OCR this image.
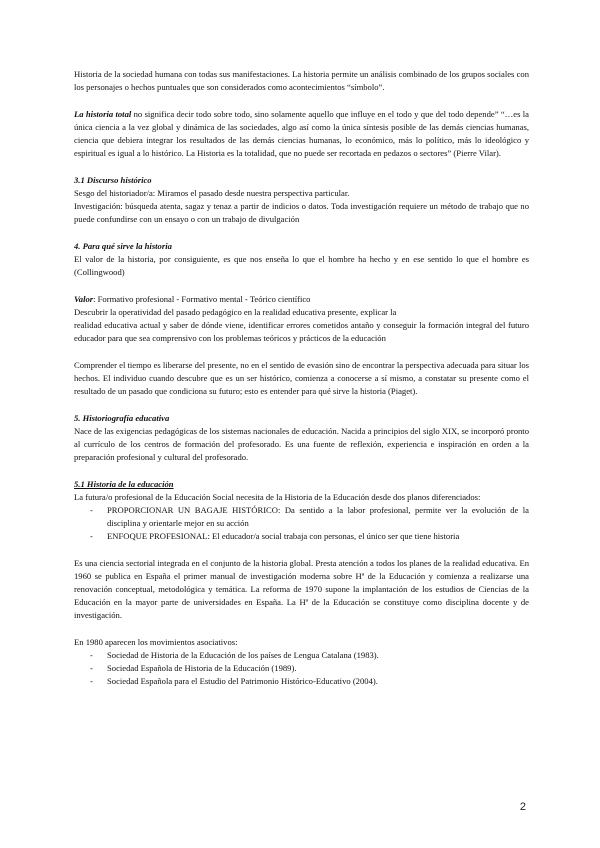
Historia de la sociedad humana con todas sus manifestaciones. La historia permite un análisis combinado de los grupos sociales con los personajes o hechos puntuales que son considerados como acontecimientos “símbolo”.

La historia total no significa decir todo sobre todo, sino solamente aquello que influye en el todo y que del todo depende” “…es la única ciencia a la vez global y dinámica de las sociedades, algo así como la única síntesis posible de las demás ciencias humanas, ciencia que debiera integrar los resultados de las demás ciencias humanas, lo económico, más lo político, más lo ideológico y espiritual es igual a lo histórico. La Historia es la totalidad, que no puede ser recortada en pedazos o sectores” (Pierre Vilar).

3.1 Discurso histórico

Sesgo del historiador/a: Miramos el pasado desde nuestra perspectiva particular.

Investigación: búsqueda atenta, sagaz y tenaz a partir de indicios o datos. Toda investigación requiere un método de trabajo que no puede confundirse con un ensayo o con un trabajo de divulgación

4. Para qué sirve la historia

El valor de la historia, por consiguiente, es que nos enseña lo que el hombre ha hecho y en ese sentido lo que el hombre es (Collingwood)

Valor: Formativo profesional - Formativo mental - Teórico científico

Descubrir la operatividad del pasado pedagógico en la realidad educativa presente, explicar la

realidad educativa actual y saber de dónde viene, identificar errores cometidos antaño y conseguir la formación integral del futuro educador para que sea comprensivo con los problemas teóricos y prácticos de la educación

Comprender el tiempo es liberarse del presente, no en el sentido de evasión sino de encontrar la perspectiva adecuada para situar los hechos. El individuo cuando descubre que es un ser histórico, comienza a conocerse a sí mismo, a constatar su presente como el resultado de un pasado que condiciona su futuro; esto es entender para qué sirve la historia (Piaget).

5. Historiografía educativa

Nace de las exigencias pedagógicas de los sistemas nacionales de educación. Nacida a principios del siglo XIX, se incorporó pronto al currículo de los centros de formación del profesorado. Es una fuente de reflexión, experiencia e inspiración en orden a la preparación profesional y cultural del profesorado.

5.1 Historia de la educación

La futura/o profesional de la Educación Social necesita de la Historia de la Educación desde dos planos diferenciados:

- PROPORCIONAR UN BAGAJE HISTÓRICO: Da sentido a la labor profesional, permite ver la evolución de la disciplina y orientarle mejor en su acción
- ENFOQUE PROFESIONAL: El educador/a social trabaja con personas, el único ser que tiene historia

Es una ciencia sectorial integrada en el conjunto de la historia global. Presta atención a todos los planes de la realidad educativa. En 1960 se publica en España el primer manual de investigación moderna sobre Hª de la Educación y comienza a realizarse una renovación conceptual, metodológica y temática. La reforma de 1970 supone la implantación de los estudios de Ciencias de la Educación en la mayor parte de universidades en España. La Hª de la Educación se constituye como disciplina docente y de investigación.

En 1980 aparecen los movimientos asociativos:

- Sociedad de Historia de la Educación de los países de Lengua Catalana (1983).
- Sociedad Española de Historia de la Educación (1989).
- Sociedad Española para el Estudio del Patrimonio Histórico-Educativo (2004).
2
